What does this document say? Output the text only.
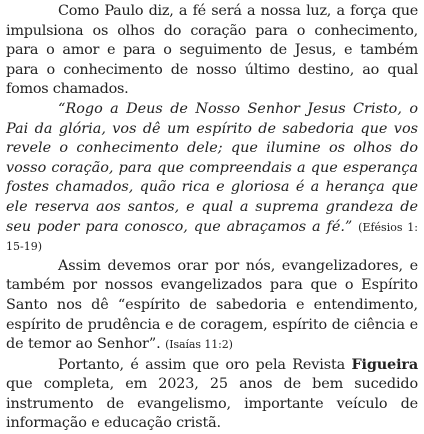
Como Paulo diz, a fé será a nossa luz, a força que impulsiona os olhos do coração para o conhecimento, para o amor e para o seguimento de Jesus, e também para o conhecimento de nosso último destino, ao qual fomos chamados.

“Rogo a Deus de Nosso Senhor Jesus Cristo, o Pai da glória, vos dê um espírito de sabedoria que vos revele o conhecimento dele; que ilumine os olhos do vosso coração, para que compreendais a que esperança fostes chamados, quão rica e gloriosa é a herança que ele reserva aos santos, e qual a suprema grandeza de seu poder para conosco, que abraçamos a fé.” (Efésios 1: 15-19)

Assim devemos orar por nós, evangelizadores, e também por nossos evangelizados para que o Espírito Santo nos dê “espírito de sabedoria e entendimento, espírito de prudência e de coragem, espírito de ciência e de temor ao Senhor”. (Isaías 11:2)

Portanto, é assim que oro pela Revista Figueira que completa, em 2023, 25 anos de bem sucedido instrumento de evangelismo, importante veículo de informação e educação cristã.
